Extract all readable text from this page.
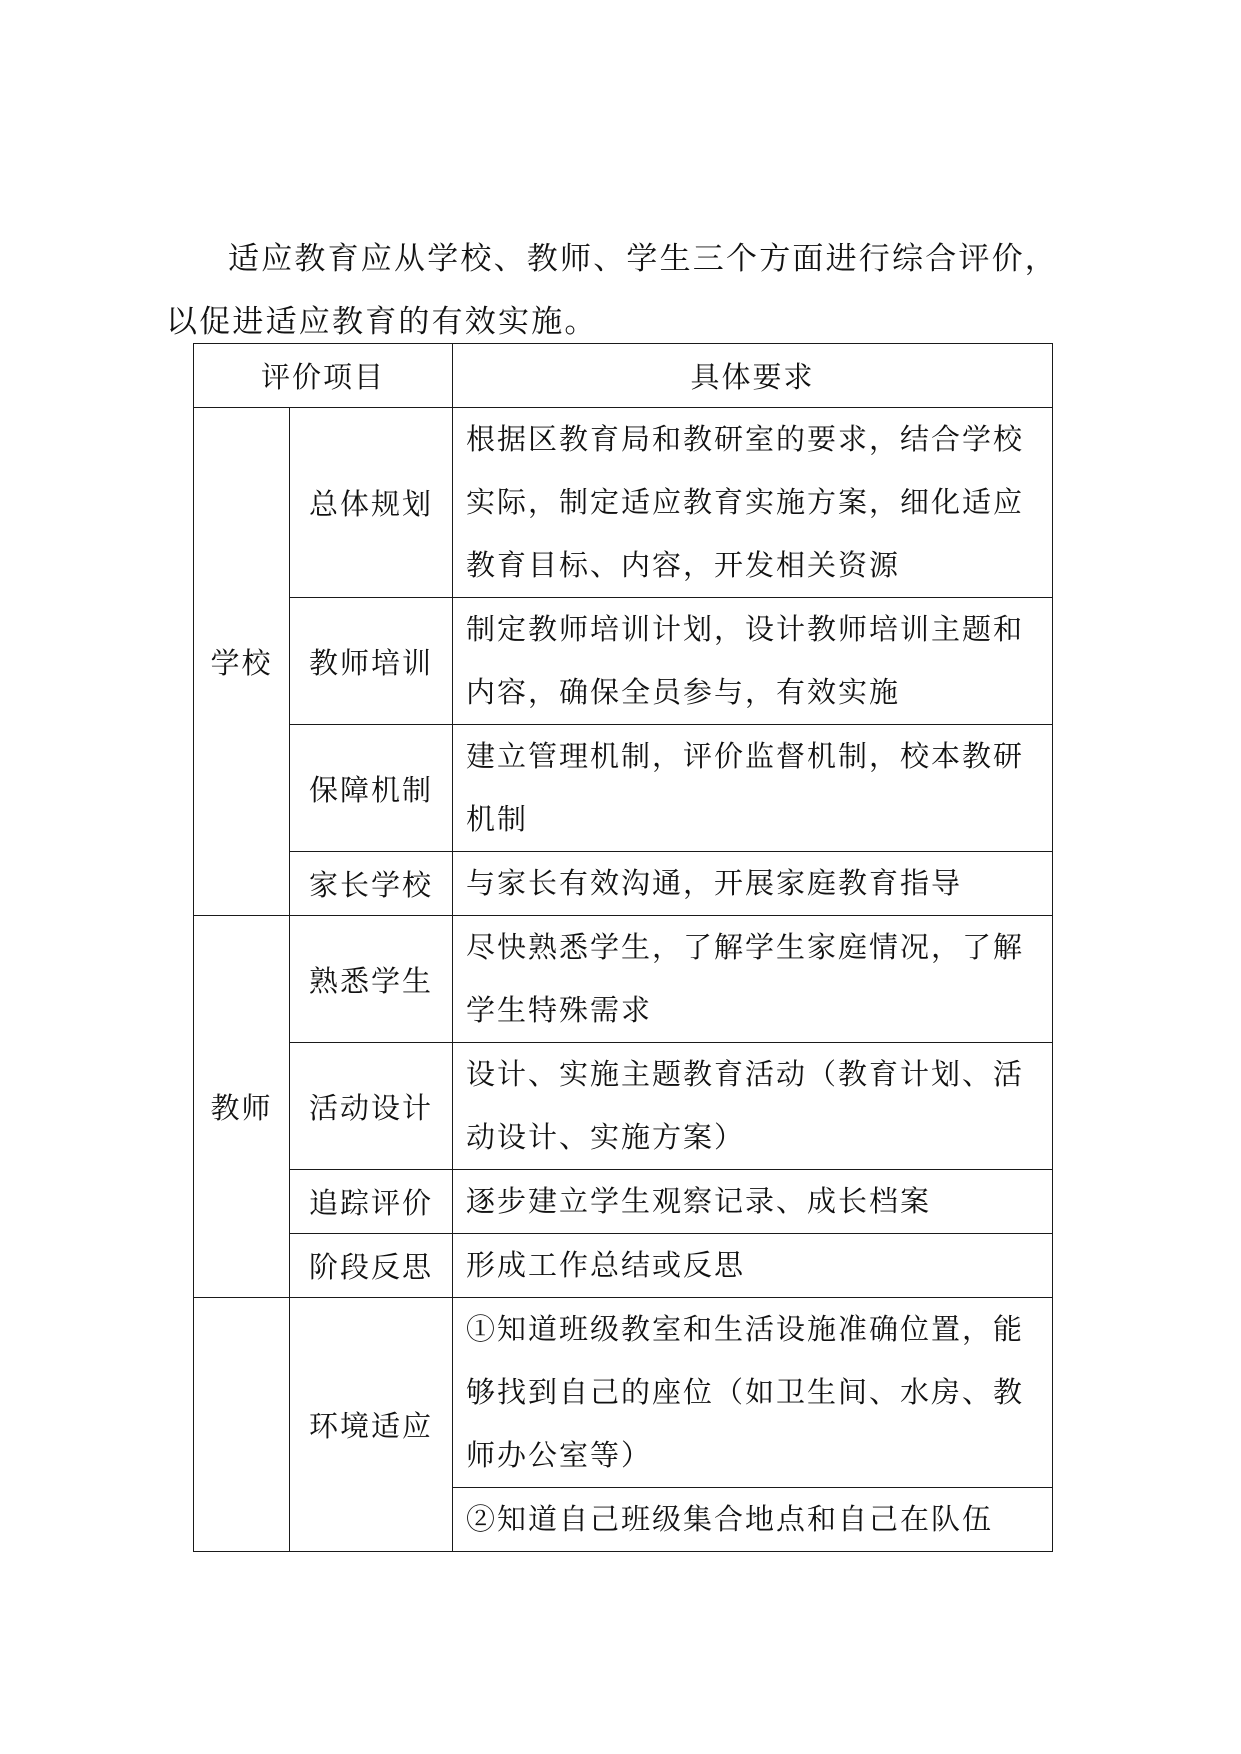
适应教育应从学校、教师、学生三个方面进行综合评价，以促进适应教育的有效实施。

评价项目		具体要求
学校	总体规划	根据区教育局和教研室的要求，结合学校实际，制定适应教育实施方案，细化适应教育目标、内容，开发相关资源
	教师培训	制定教师培训计划，设计教师培训主题和内容，确保全员参与，有效实施
	保障机制	建立管理机制，评价监督机制，校本教研机制
	家长学校	与家长有效沟通，开展家庭教育指导
教师	熟悉学生	尽快熟悉学生，了解学生家庭情况，了解学生特殊需求
	活动设计	设计、实施主题教育活动（教育计划、活动设计、实施方案）
	追踪评价	逐步建立学生观察记录、成长档案
	阶段反思	形成工作总结或反思
	环境适应	①知道班级教室和生活设施准确位置，能够找到自己的座位（如卫生间、水房、教师办公室等）
		②知道自己班级集合地点和自己在队伍
